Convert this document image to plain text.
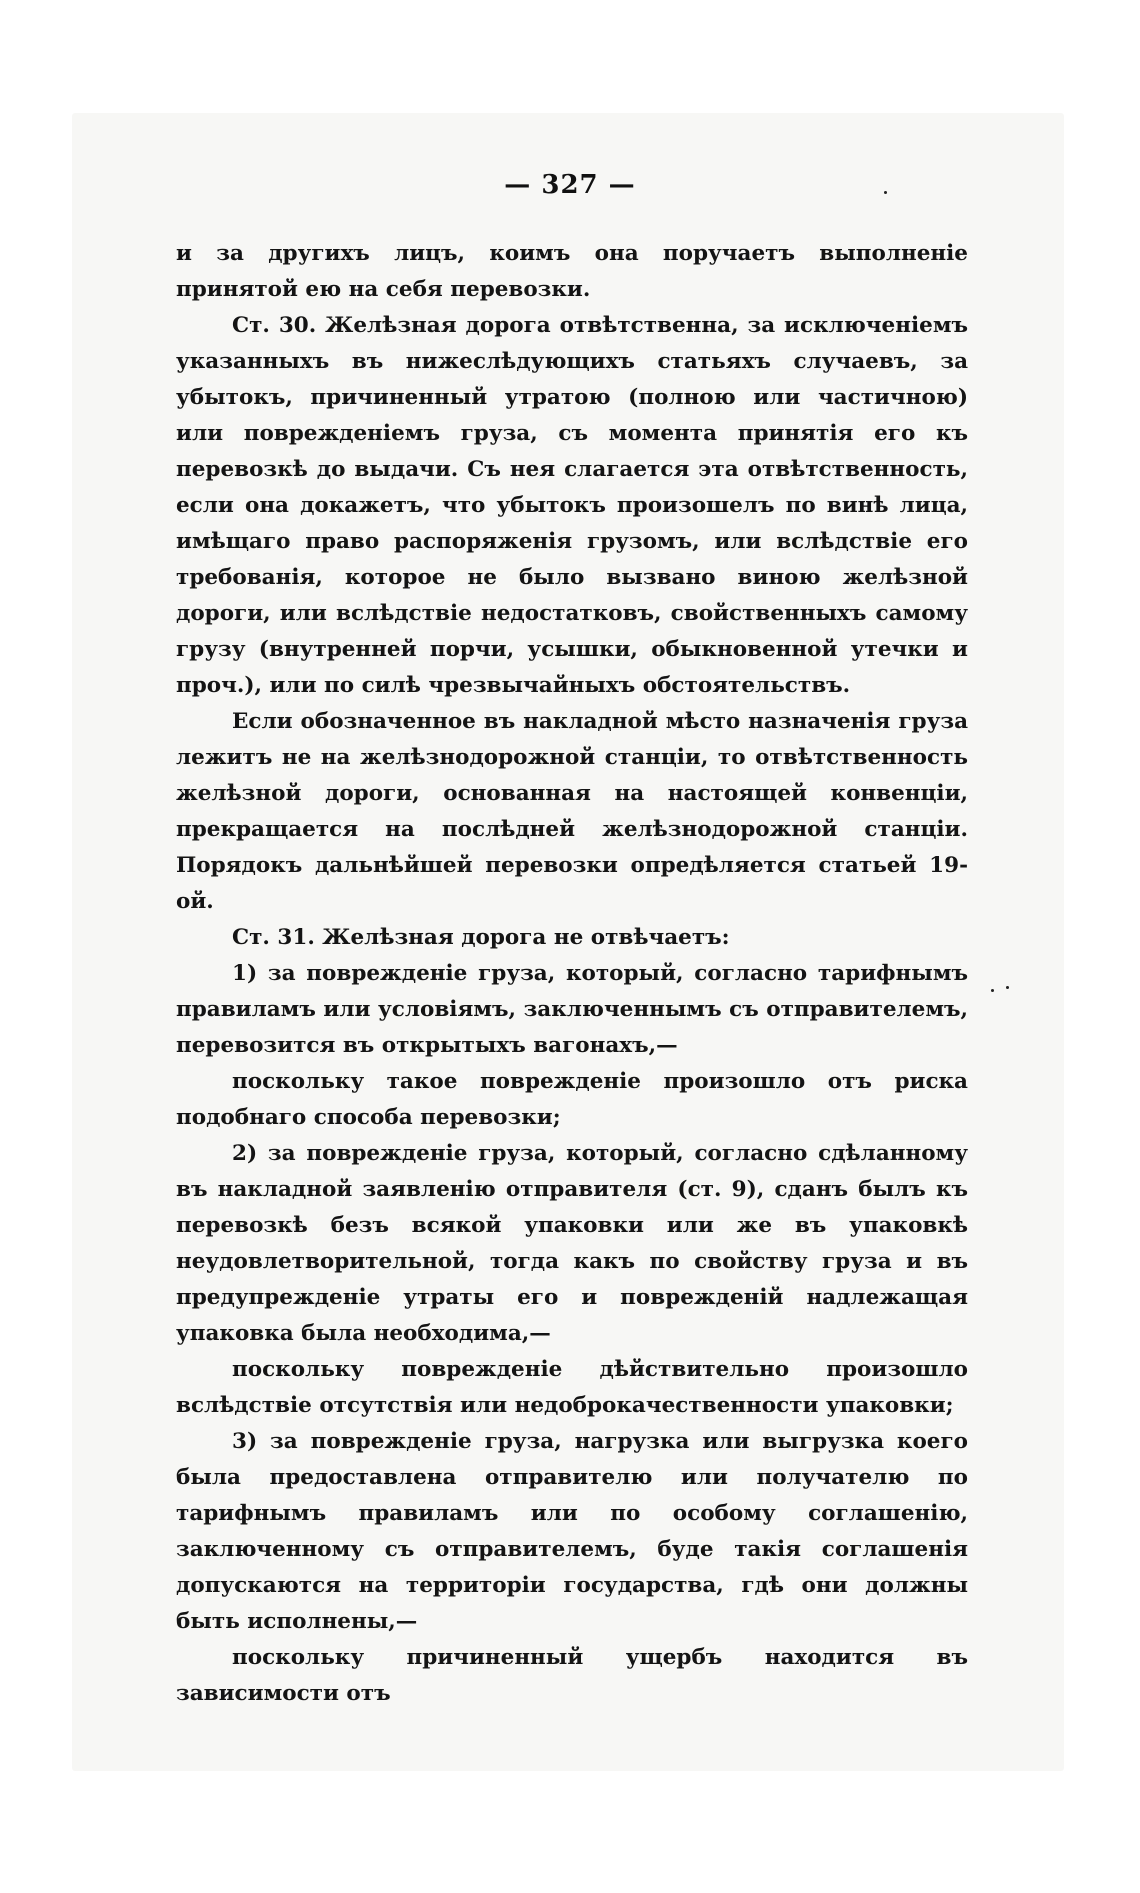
— 327 —

и за другихъ лицъ, коимъ она поручаетъ выполненіе принятой ею на себя перевозки.

Ст. 30. Желѣзная дорога отвѣтственна, за исключеніемъ указанныхъ въ нижеслѣдующихъ статьяхъ случаевъ, за убытокъ, причиненный утратою (полною или частичною) или повреждeніемъ груза, съ момента принятія его къ перевозкѣ до выдачи. Съ нея слагается эта отвѣтственность, если она докажетъ, что убытокъ произошелъ по винѣ лица, имѣщаго право распоряженія грузомъ, или вслѣдствіе его требованія, которое не было вызвано виною желѣзной дороги, или вслѣдствіе недостатковъ, свойственныхъ самому грузу (внутренней порчи, усышки, обыкновенной утечки и проч.), или по силѣ чрезвычайныхъ обстоятельствъ.

Если обозначенное въ накладной мѣсто назначенія груза лежитъ не на желѣзнодорожной станціи, то отвѣтственность желѣзной дороги, основанная на настоящей конвенціи, прекращается на послѣдней желѣзнодорожной станціи. Порядокъ дальнѣйшей перевозки опредѣляется статьей 19-ой.

Ст. 31. Желѣзная дорога не отвѣчаетъ:

1) за поврежденіе груза, который, согласно тарифнымъ правиламъ или условіямъ, заключеннымъ съ отправителемъ, перевозится въ открытыхъ вагонахъ,—

поскольку такое поврежденіе произошло отъ риска подобнаго способа перевозки;

2) за поврежденіе груза, который, согласно сдѣланному въ накладной заявленію отправителя (ст. 9), сданъ былъ къ перевозкѣ безъ всякой упаковки или же въ упаковкѣ неудовлетворительной, тогда какъ по свойству груза и въ предупрежденіе утраты его и поврежденій надлежащая упаковка была необходима,—

поскольку поврежденіе дѣйствительно произошло вслѣдствіе отсутствія или недоброкачественности упаковки;

3) за поврежденіе груза, нагрузка или выгрузка коего была предоставлена отправителю или получателю по тарифнымъ правиламъ или по особому соглашенію, заключенному съ отправителемъ, буде такія соглашенія допускаются на территоріи государства, гдѣ они должны быть исполнены,—

поскольку причиненный ущербъ находится въ зависимости отъ
